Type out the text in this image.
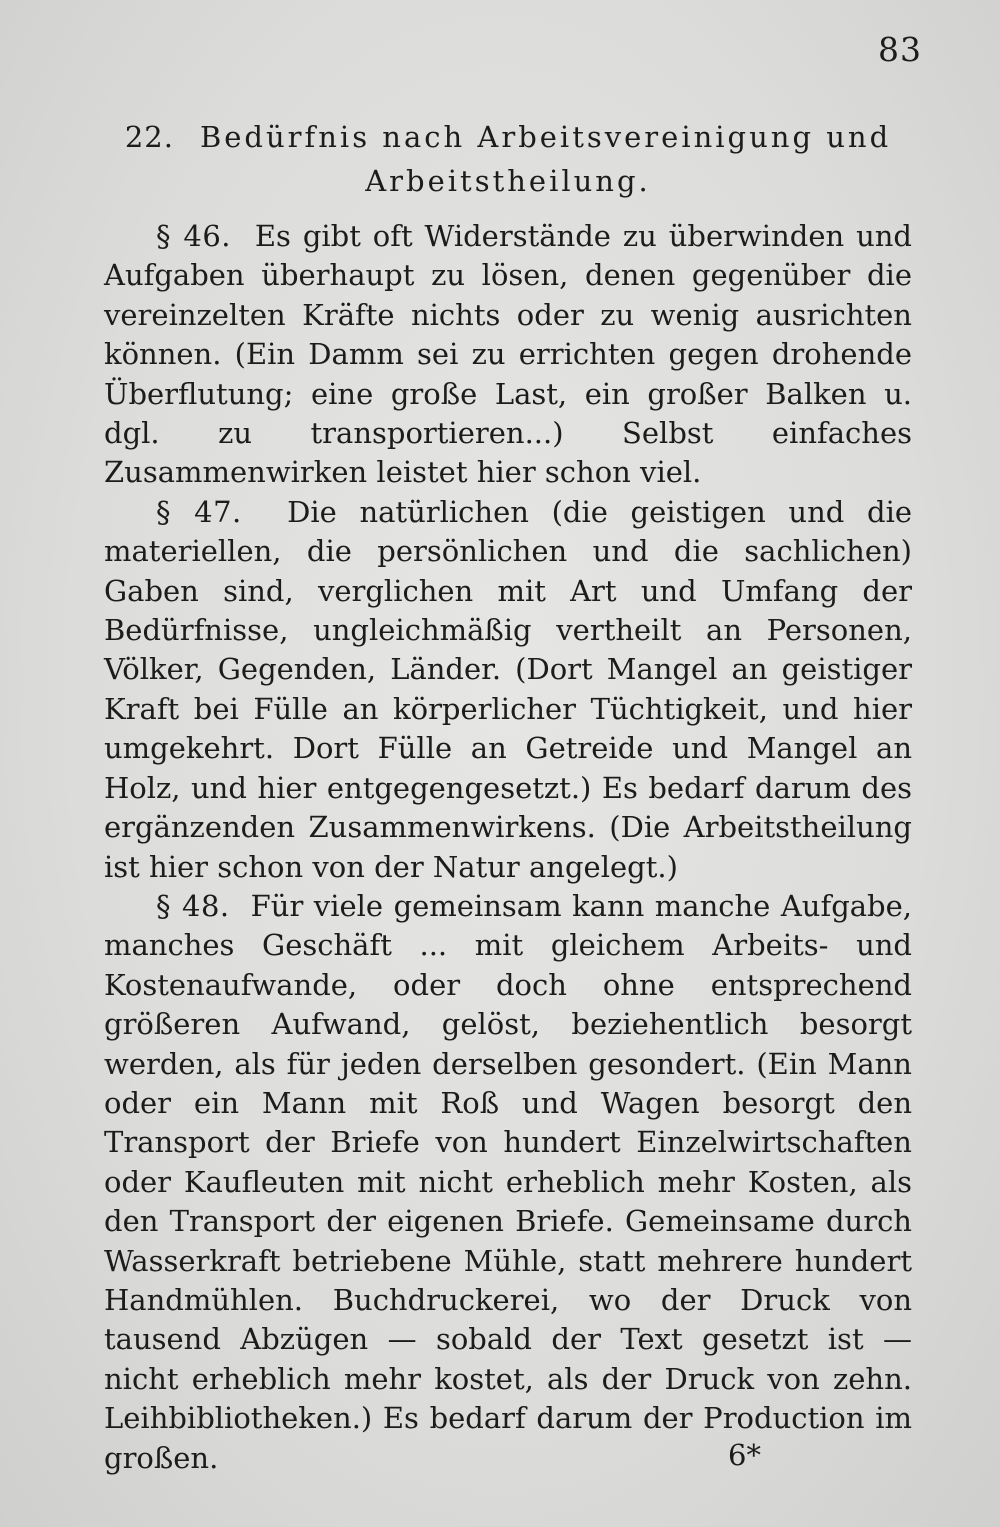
83
22. Bedürfnis nach Arbeitsvereinigung und
Arbeitstheilung.

§ 46. Es gibt oft Widerstände zu überwinden und Aufgaben überhaupt zu lösen, denen gegenüber die vereinzelten Kräfte nichts oder zu wenig ausrichten können. (Ein Damm sei zu errichten gegen drohende Überflutung; eine große Last, ein großer Balken u. dgl. zu transportieren...) Selbst einfaches Zusammenwirken leistet hier schon viel.

§ 47. Die natürlichen (die geistigen und die materiellen, die persönlichen und die sachlichen) Gaben sind, verglichen mit Art und Umfang der Bedürfnisse, ungleichmäßig vertheilt an Personen, Völker, Gegenden, Länder. (Dort Mangel an geistiger Kraft bei Fülle an körperlicher Tüchtigkeit, und hier umgekehrt. Dort Fülle an Getreide und Mangel an Holz, und hier entgegengesetzt.) Es bedarf darum des ergänzenden Zusammenwirkens. (Die Arbeitstheilung ist hier schon von der Natur angelegt.)

§ 48. Für viele gemeinsam kann manche Aufgabe, manches Geschäft ... mit gleichem Arbeits- und Kostenaufwande, oder doch ohne entsprechend größeren Aufwand, gelöst, beziehentlich besorgt werden, als für jeden derselben gesondert. (Ein Mann oder ein Mann mit Roß und Wagen besorgt den Transport der Briefe von hundert Einzelwirtschaften oder Kaufleuten mit nicht erheblich mehr Kosten, als den Transport der eigenen Briefe. Gemeinsame durch Wasserkraft betriebene Mühle, statt mehrere hundert Handmühlen. Buchdruckerei, wo der Druck von tausend Abzügen — sobald der Text gesetzt ist — nicht erheblich mehr kostet, als der Druck von zehn. Leihbibliotheken.) Es bedarf darum der Production im großen.	6*
